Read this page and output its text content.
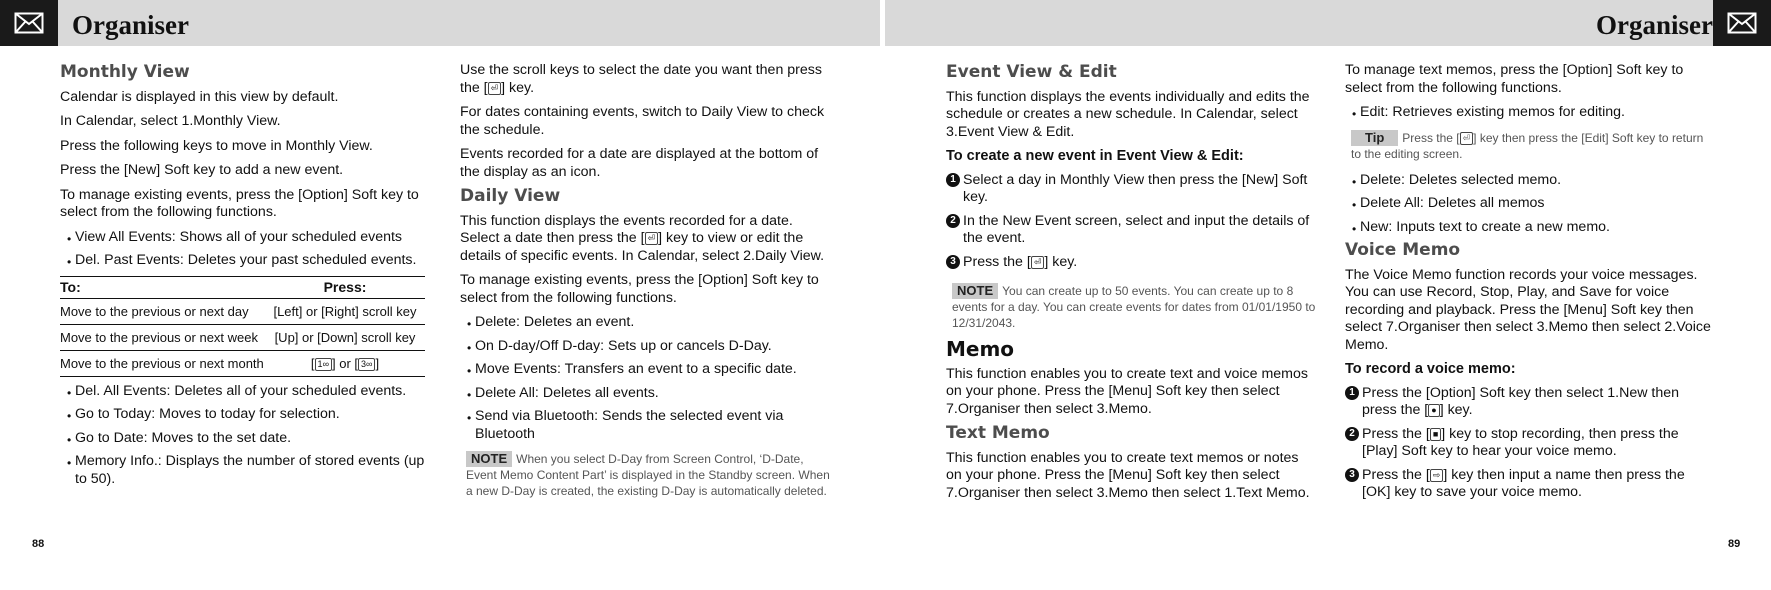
Organiser	Organiser
Monthly View

Calendar is displayed in this view by default.

In Calendar, select 1.Monthly View.

Press the following keys to move in Monthly View.

Press the [New] Soft key to add a new event.

To manage existing events, press the [Option] Soft key to select from the following functions.

• View All Events: Shows all of your scheduled events
• Del. Past Events: Deletes your past scheduled events.
To:	Press:
Move to the previous or next day	[Left] or [Right] scroll key
Move to the previous or next week	[Up] or [Down] scroll key
Move to the previous or next month	[ 1∞ ] or [ 3∞ ]
• Del. All Events: Deletes all of your scheduled events.
• Go to Today: Moves to today for selection.
• Go to Date: Moves to the set date.
• Memory Info.: Displays the number of stored events (up to 50).

Use the scroll keys to select the date you want then press the [ ⏎ ] key.

For dates containing events, switch to Daily View to check the schedule.

Events recorded for a date are displayed at the bottom of the display as an icon.

Daily View

This function displays the events recorded for a date. Select a date then press the [ ⏎ ] key to view or edit the details of specific events. In Calendar, select 2.Daily View.

To manage existing events, press the [Option] Soft key to select from the following functions.

• Delete: Deletes an event.
• On D-day/Off D-day: Sets up or cancels D-Day.
• Move Events: Transfers an event to a specific date.
• Delete All: Deletes all events.
• Send via Bluetooth: Sends the selected event via Bluetooth
NOTE When you select D-Day from Screen Control, ‘D-Date, Event Memo Content Part’ is displayed in the Standby screen. When a new D-Day is created, the existing D-Day is automatically deleted.
Event View & Edit

This function displays the events individually and edits the schedule or creates a new schedule. In Calendar, select 3.Event View & Edit.

To create a new event in Event View & Edit:
1 Select a day in Monthly View then press the [New] Soft key.
2 In the New Event screen, select and input the details of the event.
3 Press the [ ⏎ ] key.
NOTE You can create up to 50 events. You can create up to 8 events for a day. You can create events for dates from 01/01/1950 to 12/31/2043.
Memo

This function enables you to create text and voice memos on your phone. Press the [Menu] Soft key then select 7.Organiser then select 3.Memo.

Text Memo

This function enables you to create text memos or notes on your phone. Press the [Menu] Soft key then select 7.Organiser then select 3.Memo then select 1.Text Memo.

To manage text memos, press the [Option] Soft key to select from the following functions.

• Edit: Retrieves existing memos for editing.
Tip Press the [ ⏎ ] key then press the [Edit] Soft key to return to the editing screen.
• Delete: Deletes selected memo.
• Delete All: Deletes all memos
• New: Inputs text to create a new memo.
Voice Memo

The Voice Memo function records your voice messages. You can use Record, Stop, Play, and Save for voice recording and playback. Press the [Menu] Soft key then select 7.Organiser then select 3.Memo then select 2.Voice Memo.

To record a voice memo:
1 Press the [Option] Soft key then select 1.New then press the [ ● ] key.
2 Press the [ ■ ] key to stop recording, then press the [Play] Soft key to hear your voice memo.
3 Press the [ ⇨ ] key then input a name then press the [OK] key to save your voice memo.
88	89
